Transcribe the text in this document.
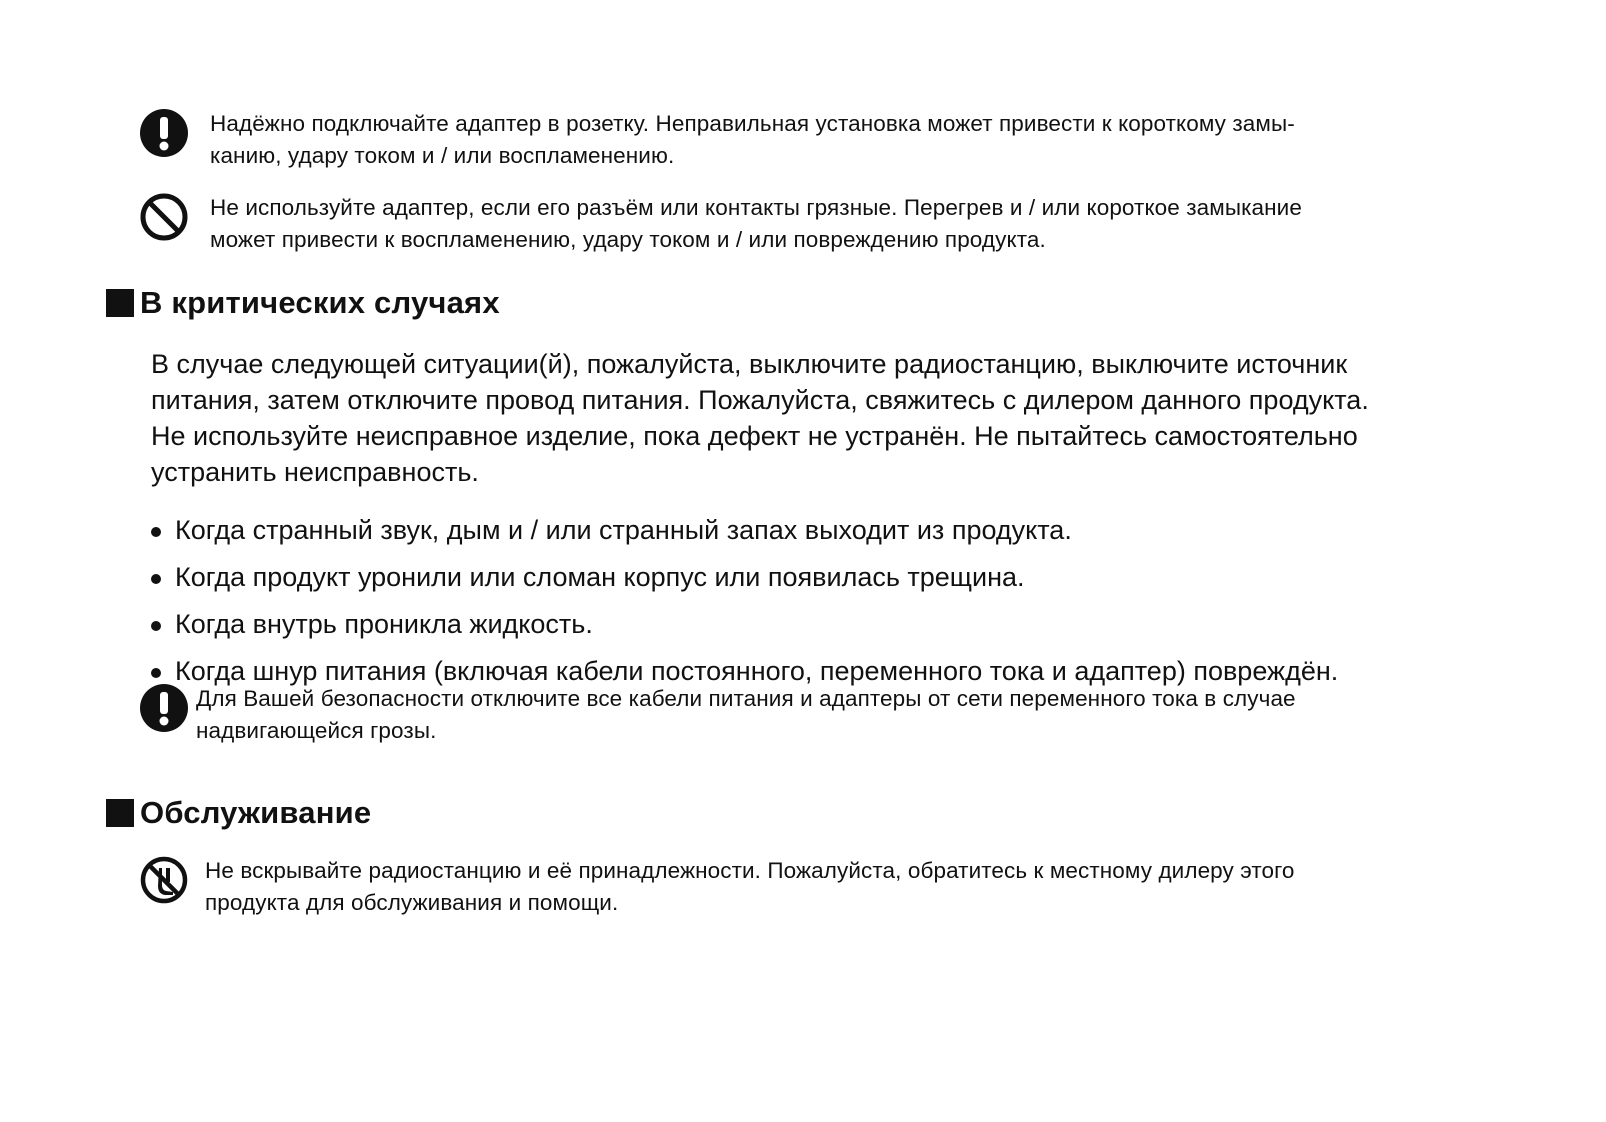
Надёжно подключайте адаптер в розетку. Неправильная установка может привести к короткому замы-
канию, удару током и / или воспламенению.
Не используйте адаптер, если его разъём или контакты грязные. Перегрев и / или короткое замыкание
может привести к воспламенению, удару током и / или повреждению продукта.
В критических случаях
В случае следующей ситуации(й), пожалуйста, выключите радиостанцию, выключите источник
питания, затем отключите провод питания. Пожалуйста, свяжитесь с дилером данного продукта.
Не используйте неисправное изделие, пока дефект не устранён. Не пытайтесь самостоятельно
устранить неисправность.
Когда странный звук, дым и / или странный запах выходит из продукта.
Когда продукт уронили или сломан корпус или появилась трещина.
Когда внутрь проникла жидкость.
Когда шнур питания (включая кабели постоянного, переменного тока и адаптер) повреждён.
Для Вашей безопасности отключите все кабели питания и адаптеры от сети переменного тока в случае
надвигающейся грозы.
Обслуживание
Не вскрывайте радиостанцию и её принадлежности. Пожалуйста, обратитесь к местному дилеру этого
продукта для обслуживания и помощи.
